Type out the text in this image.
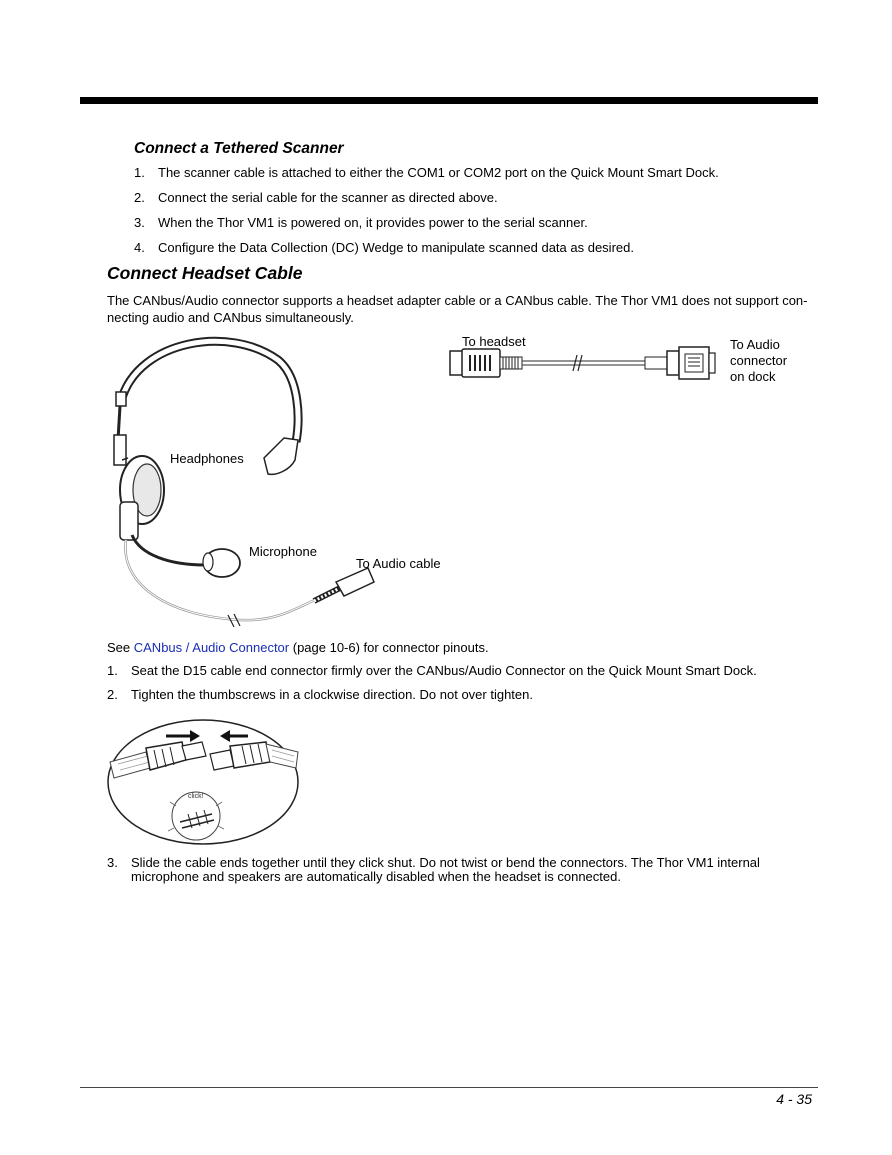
Connect a Tethered Scanner
1. The scanner cable is attached to either the COM1 or COM2 port on the Quick Mount Smart Dock.
2. Connect the serial cable for the scanner as directed above.
3. When the Thor VM1 is powered on, it provides power to the serial scanner.
4. Configure the Data Collection (DC) Wedge to manipulate scanned data as desired.
Connect Headset Cable
The CANbus/Audio connector supports a headset adapter cable or a CANbus cable. The Thor VM1 does not support con-
necting audio and CANbus simultaneously.
Headphones
Microphone
To Audio cable
To headset	To Audio
connector
on dock
See CANbus / Audio Connector (page 10-6) for connector pinouts.
1. Seat the D15 cable end connector firmly over the CANbus/Audio Connector on the Quick Mount Smart Dock.
2. Tighten the thumbscrews in a clockwise direction. Do not over tighten.
click!
3. Slide the cable ends together until they click shut. Do not twist or bend the connectors. The Thor VM1 internal
microphone and speakers are automatically disabled when the headset is connected.
4 - 35
